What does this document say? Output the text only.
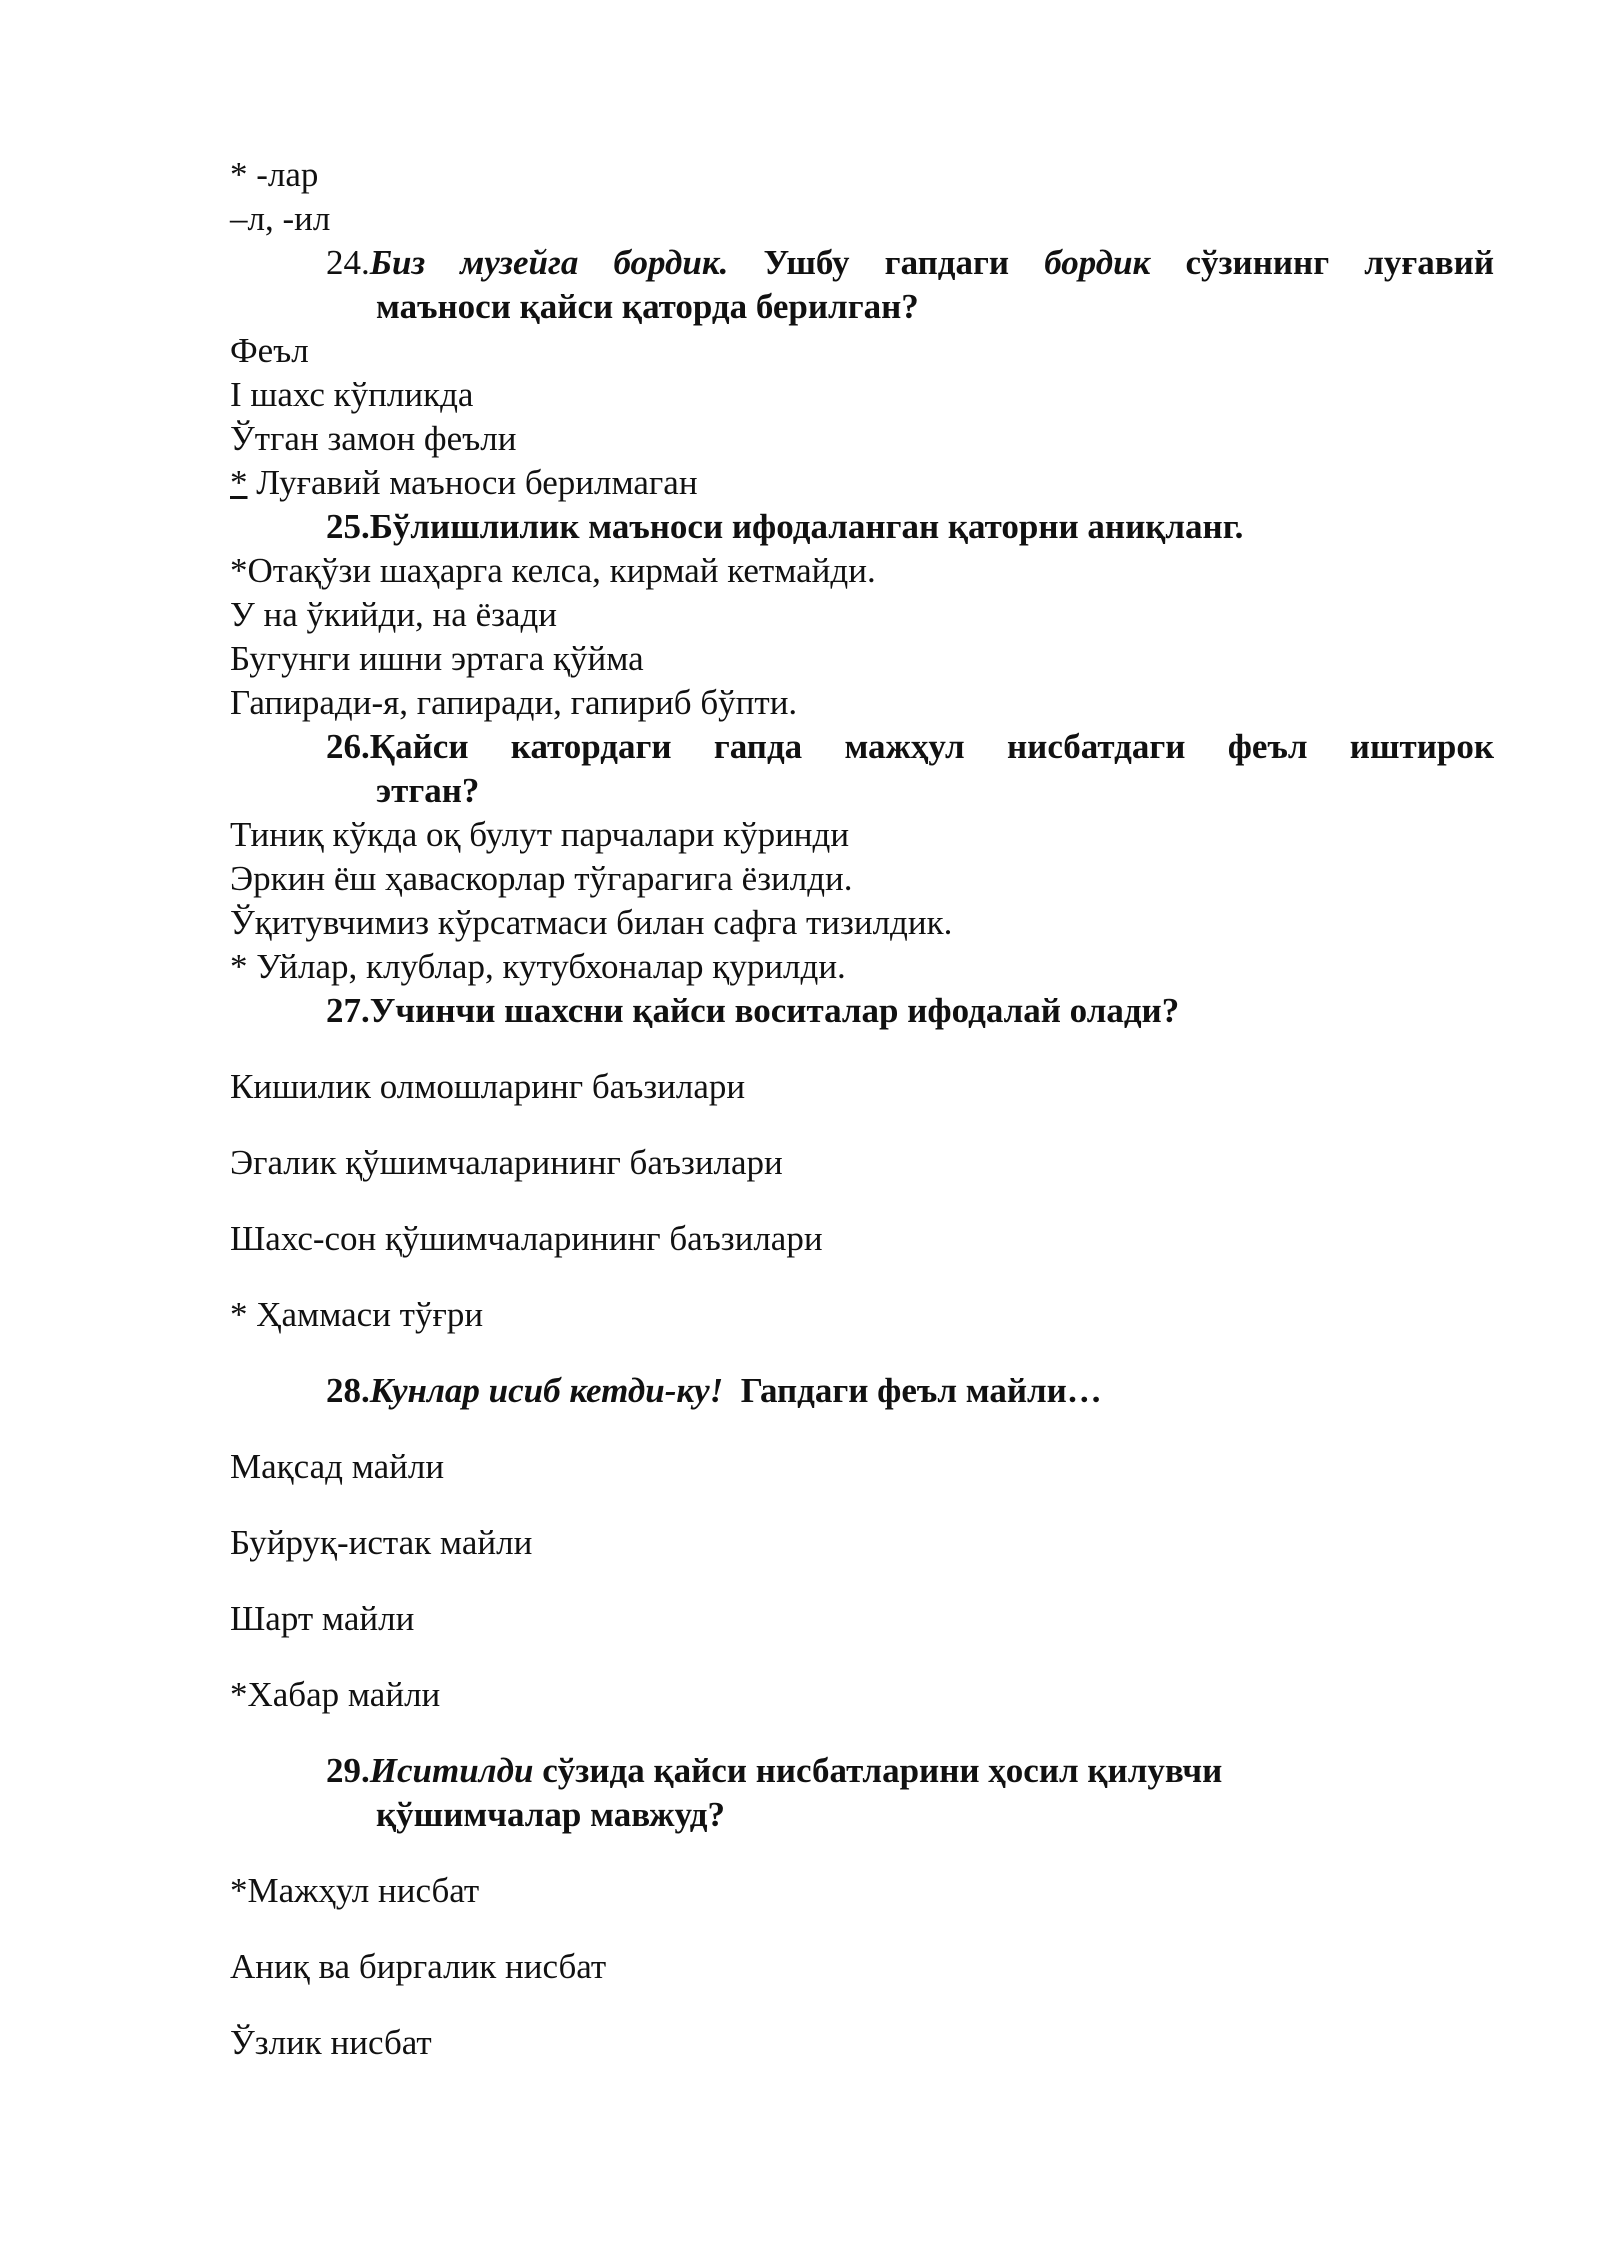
* -лар
–л, -ил
24.Биз музейга бордик. Ушбу гапдаги бордик сўзининг луғавий
маъноси қайси қаторда берилган?
Феъл
I шахс кўпликда
Ўтган замон феъли
* Луғавий маъноси берилмаган
25.Бўлишлилик маъноси ифодаланган қаторни аниқланг.
*Отақўзи шаҳарга келса, кирмай кетмайди.
У на ўкийди, на ёзади
Бугунги ишни эртага қўйма
Гапиради-я, гапиради, гапириб бўпти.
26.Қайси катордаги гапда мажҳул нисбатдаги феъл иштирок
этган?
Тиниқ кўкда оқ булут парчалари кўринди
Эркин ёш ҳаваскорлар тўгарагига ёзилди.
Ўқитувчимиз кўрсатмаси билан сафга тизилдик.
* Уйлар, клублар, кутубхоналар қурилди.
27.Учинчи шахсни қайси воситалар ифодалай олади?
Кишилик олмошларинг баъзилари
Эгалик қўшимчаларининг баъзилари
Шахс-сон қўшимчаларининг баъзилари
* Ҳаммаси тўғри
28.Кунлар исиб кетди-ку!  Гапдаги феъл майли…
Мақсад майли
Буйруқ-истак майли
Шарт майли
*Хабар майли
29.Иситилди сўзида қайси нисбатларини ҳосил қилувчи
қўшимчалар мавжуд?
*Мажҳул нисбат
Аниқ ва биргалик нисбат
Ўзлик нисбат
